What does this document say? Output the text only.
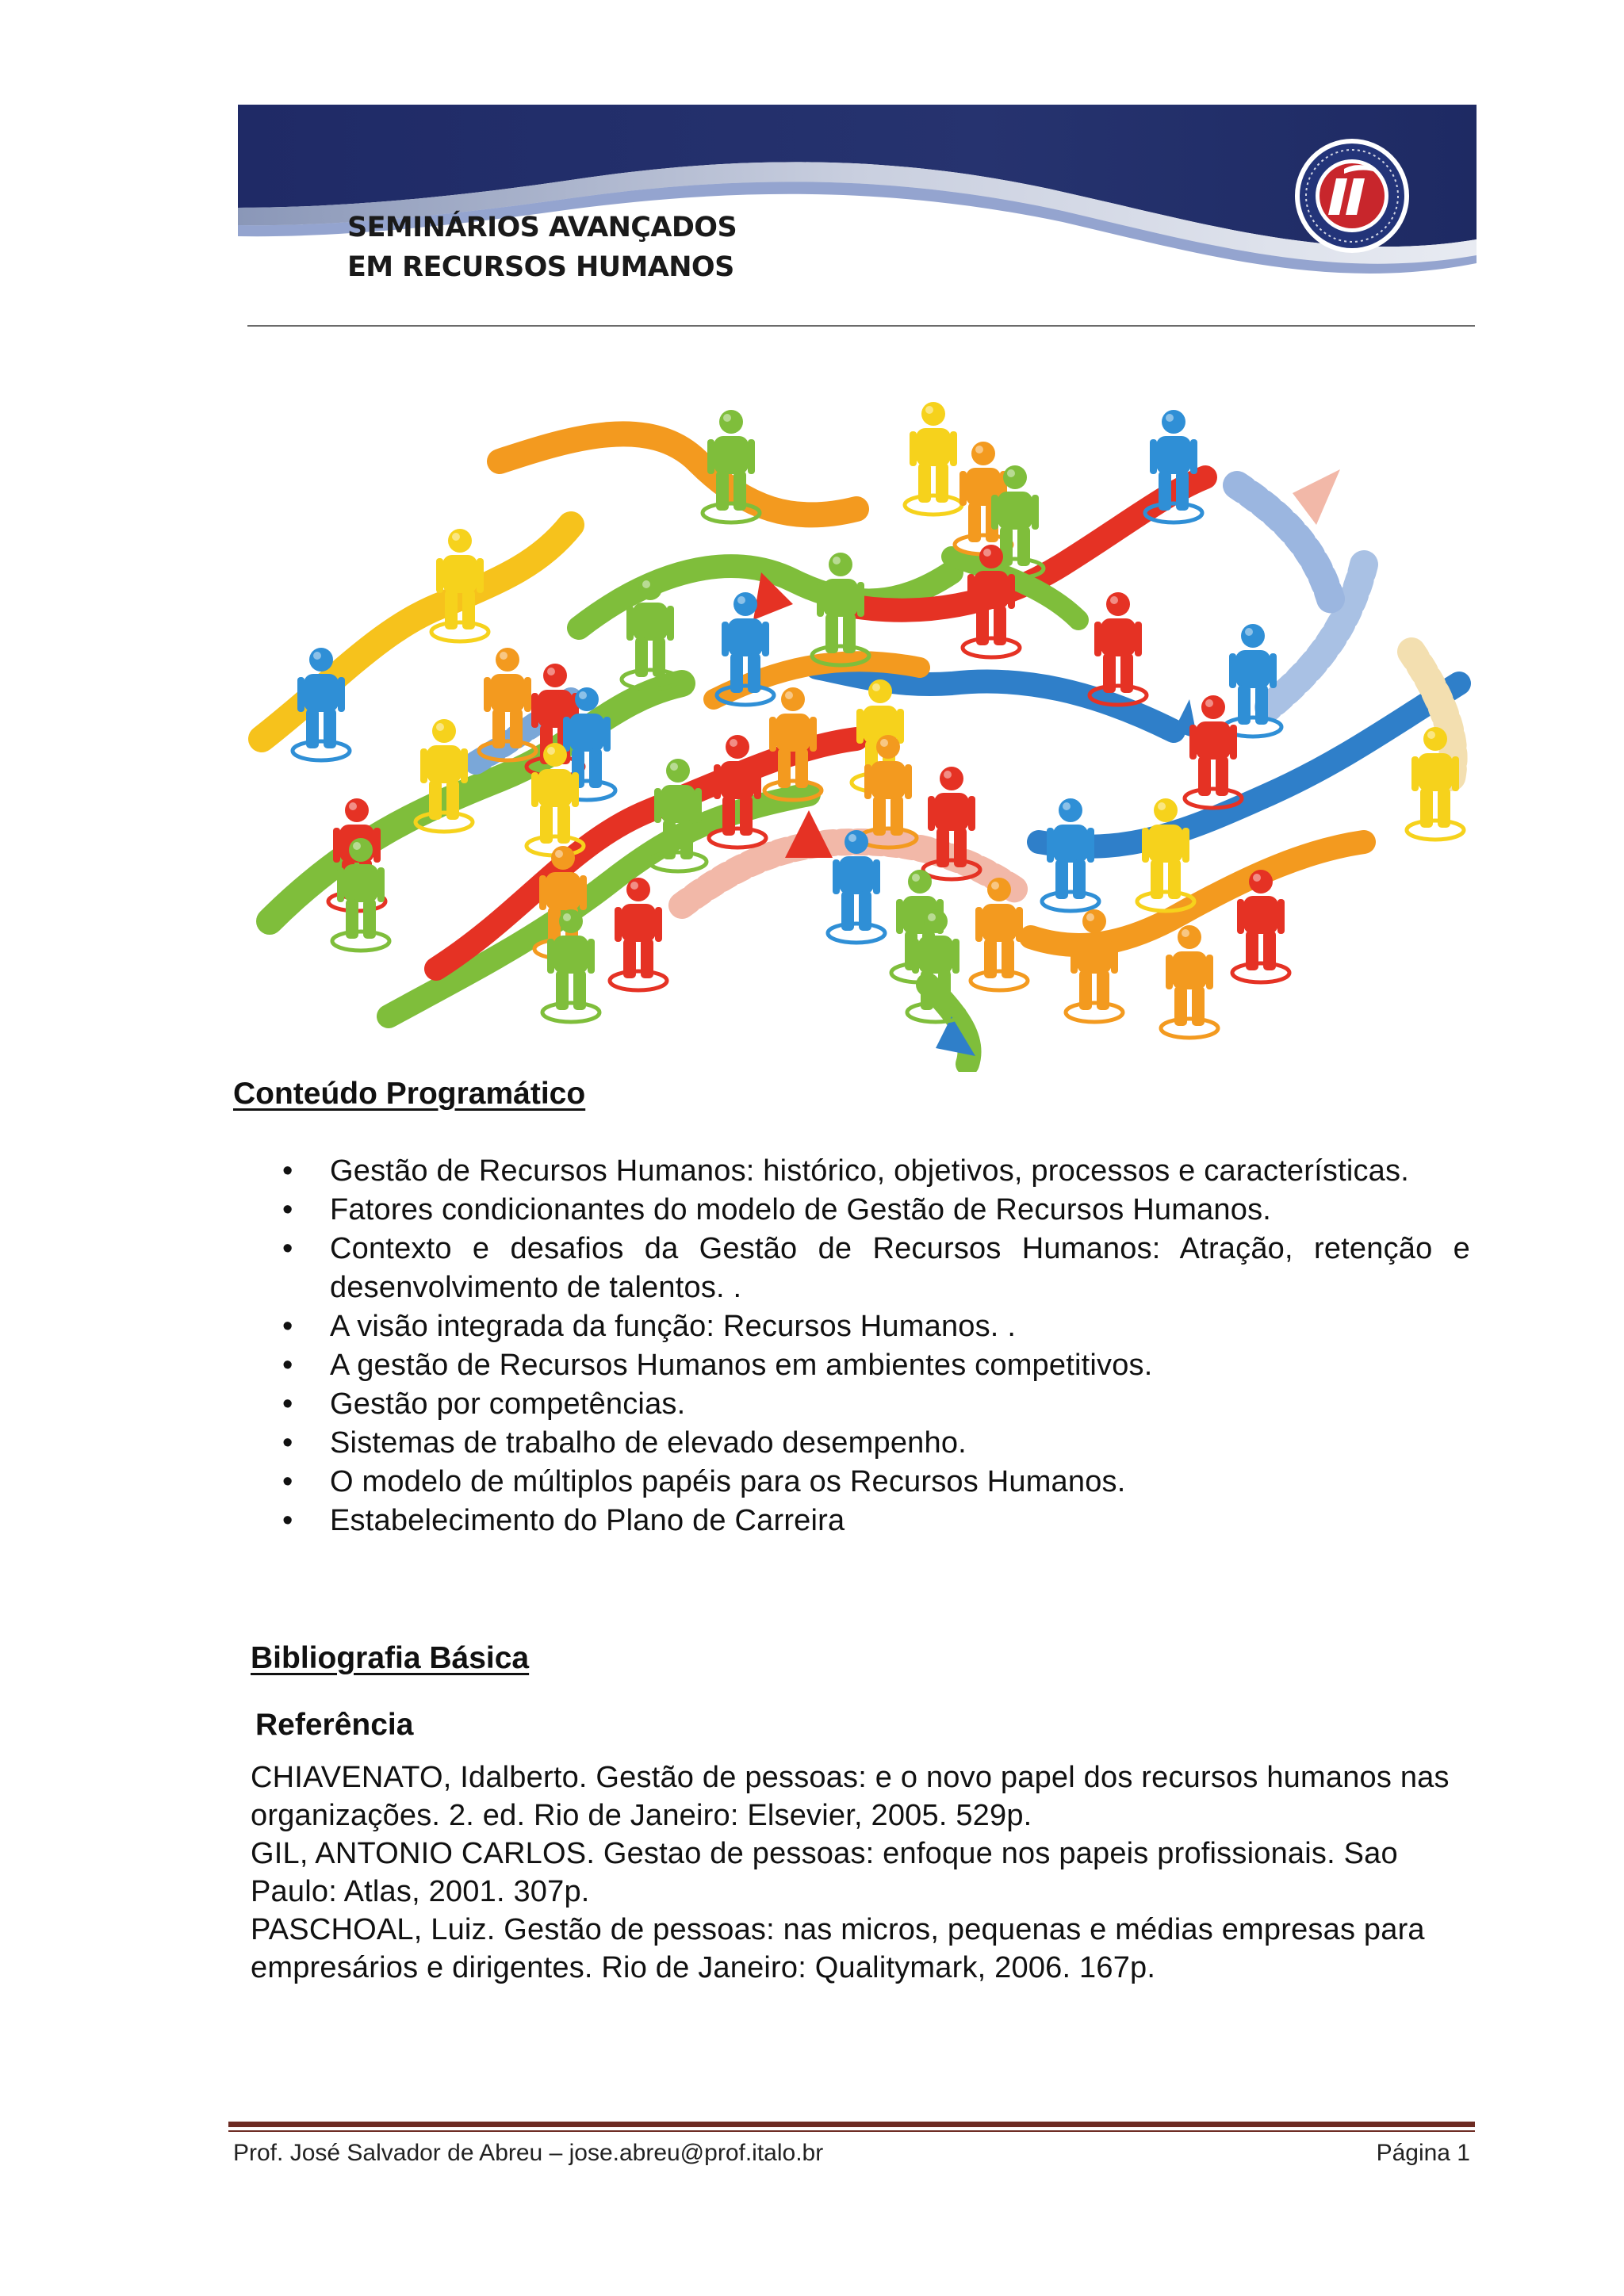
SEMINÁRIOS AVANÇADOS
EM RECURSOS HUMANOS
Conteúdo Programático
• Gestão de Recursos Humanos: histórico, objetivos, processos e características.
• Fatores condicionantes do modelo de Gestão de Recursos Humanos.
• Contexto e desafios da Gestão de Recursos Humanos: Atração, retenção e desenvolvimento de talentos. .
• A visão integrada da função: Recursos Humanos. .
• A gestão de Recursos Humanos em ambientes competitivos.
• Gestão por competências.
• Sistemas de trabalho de elevado desempenho.
• O modelo de múltiplos papéis para os Recursos Humanos.
• Estabelecimento do Plano de Carreira
Bibliografia Básica
Referência

CHIAVENATO, Idalberto. Gestão de pessoas: e o novo papel dos recursos humanos nas organizações. 2. ed. Rio de Janeiro: Elsevier, 2005. 529p.

GIL, ANTONIO CARLOS. Gestao de pessoas: enfoque nos papeis profissionais. Sao Paulo: Atlas, 2001. 307p.

PASCHOAL, Luiz. Gestão de pessoas: nas micros, pequenas e médias empresas para empresários e dirigentes. Rio de Janeiro: Qualitymark, 2006. 167p.

Prof. José Salvador de Abreu – jose.abreu@prof.italo.br	Página 1
